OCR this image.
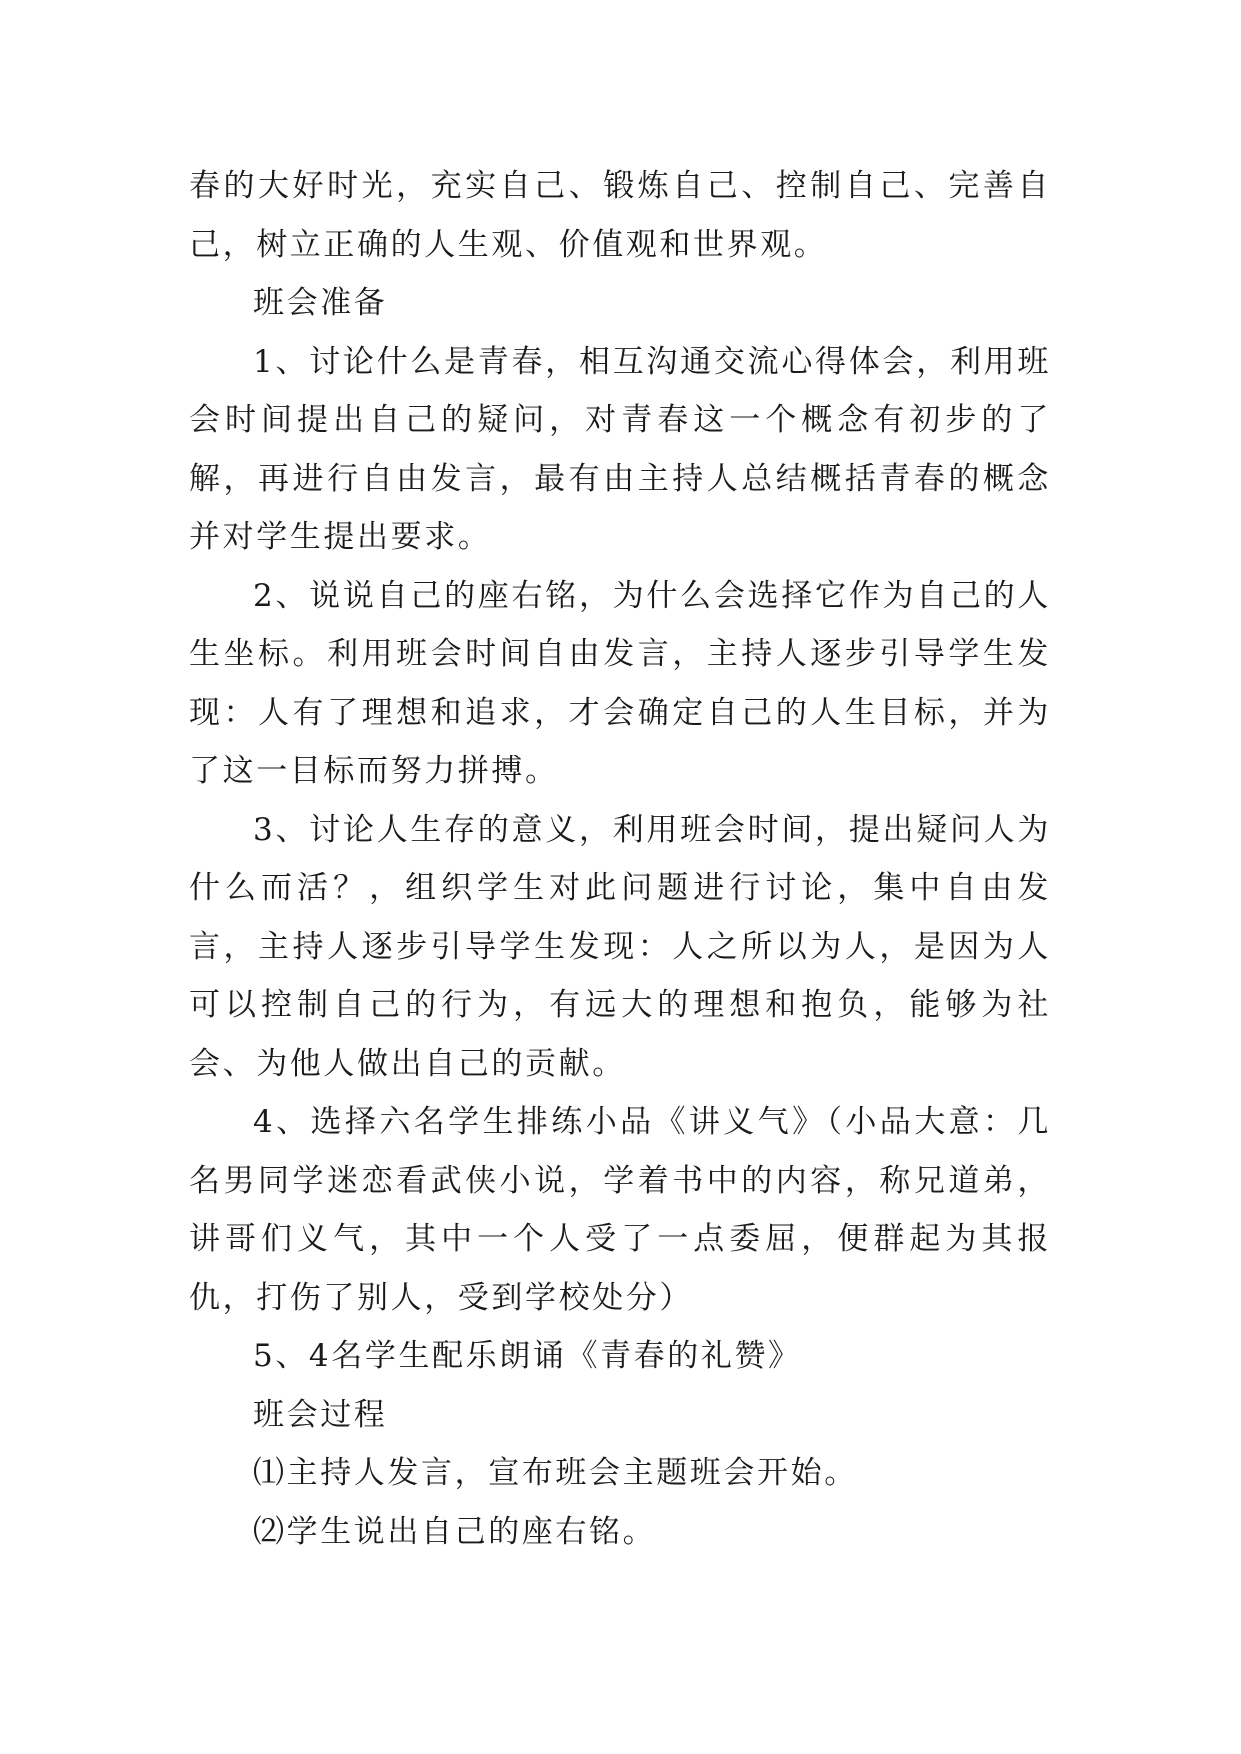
春的大好时光，充实自己、锻炼自己、控制自己、完善自己，树立正确的人生观、价值观和世界观。

班会准备

1、讨论什么是青春，相互沟通交流心得体会，利用班会时间提出自己的疑问，对青春这一个概念有初步的了解，再进行自由发言，最有由主持人总结概括青春的概念并对学生提出要求。

2、说说自己的座右铭，为什么会选择它作为自己的人生坐标。利用班会时间自由发言，主持人逐步引导学生发现：人有了理想和追求，才会确定自己的人生目标，并为了这一目标而努力拼搏。

3、讨论人生存的意义，利用班会时间，提出疑问人为什么而活？，组织学生对此问题进行讨论，集中自由发言，主持人逐步引导学生发现：人之所以为人，是因为人可以控制自己的行为，有远大的理想和抱负，能够为社会、为他人做出自己的贡献。

4、选择六名学生排练小品《讲义气》（小品大意：几名男同学迷恋看武侠小说，学着书中的内容，称兄道弟，讲哥们义气，其中一个人受了一点委屈，便群起为其报仇，打伤了别人，受到学校处分）

5、4名学生配乐朗诵《青春的礼赞》

班会过程

⑴主持人发言，宣布班会主题班会开始。

⑵学生说出自己的座右铭。
